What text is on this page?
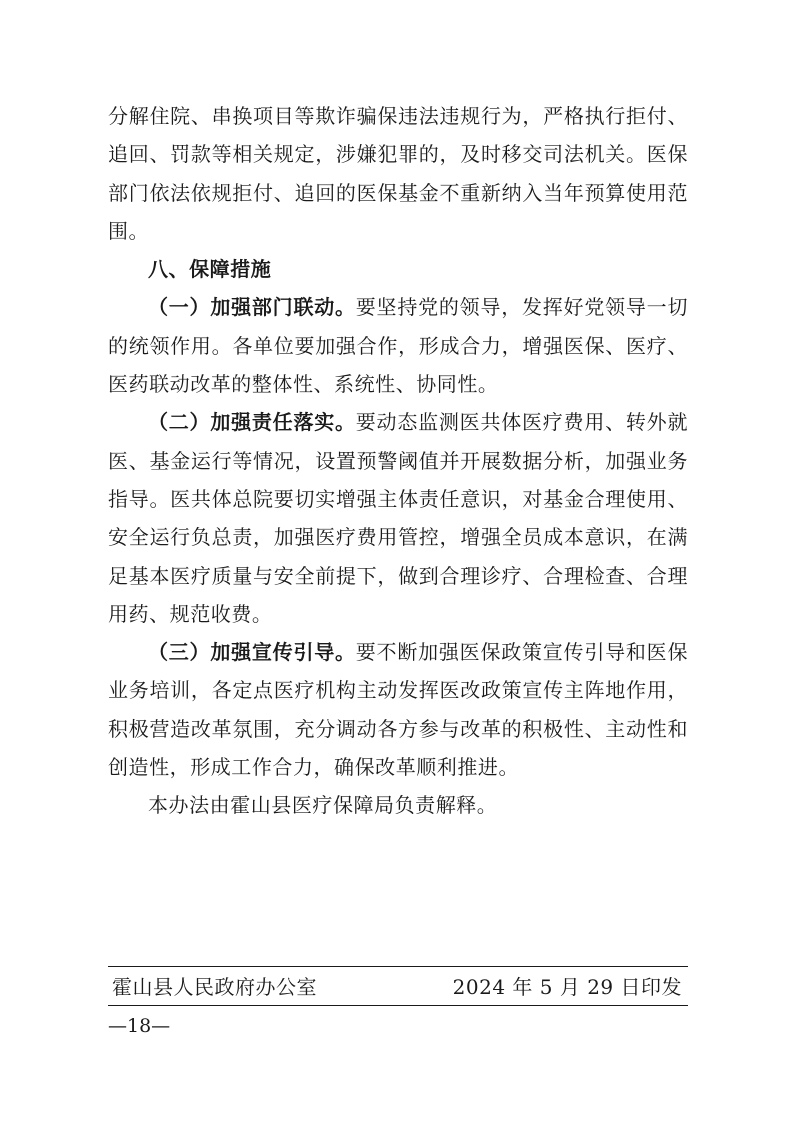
分解住院、串换项目等欺诈骗保违法违规行为，严格执行拒付、追回、罚款等相关规定，涉嫌犯罪的，及时移交司法机关。医保部门依法依规拒付、追回的医保基金不重新纳入当年预算使用范围。

八、保障措施

（一）加强部门联动。要坚持党的领导，发挥好党领导一切的统领作用。各单位要加强合作，形成合力，增强医保、医疗、医药联动改革的整体性、系统性、协同性。

（二）加强责任落实。要动态监测医共体医疗费用、转外就医、基金运行等情况，设置预警阈值并开展数据分析，加强业务指导。医共体总院要切实增强主体责任意识，对基金合理使用、安全运行负总责，加强医疗费用管控，增强全员成本意识，在满足基本医疗质量与安全前提下，做到合理诊疗、合理检查、合理用药、规范收费。

（三）加强宣传引导。要不断加强医保政策宣传引导和医保业务培训，各定点医疗机构主动发挥医改政策宣传主阵地作用，积极营造改革氛围，充分调动各方参与改革的积极性、主动性和创造性，形成工作合力，确保改革顺利推进。

本办法由霍山县医疗保障局负责解释。

霍山县人民政府办公室	2024 年 5 月 29 日印发
—18—
